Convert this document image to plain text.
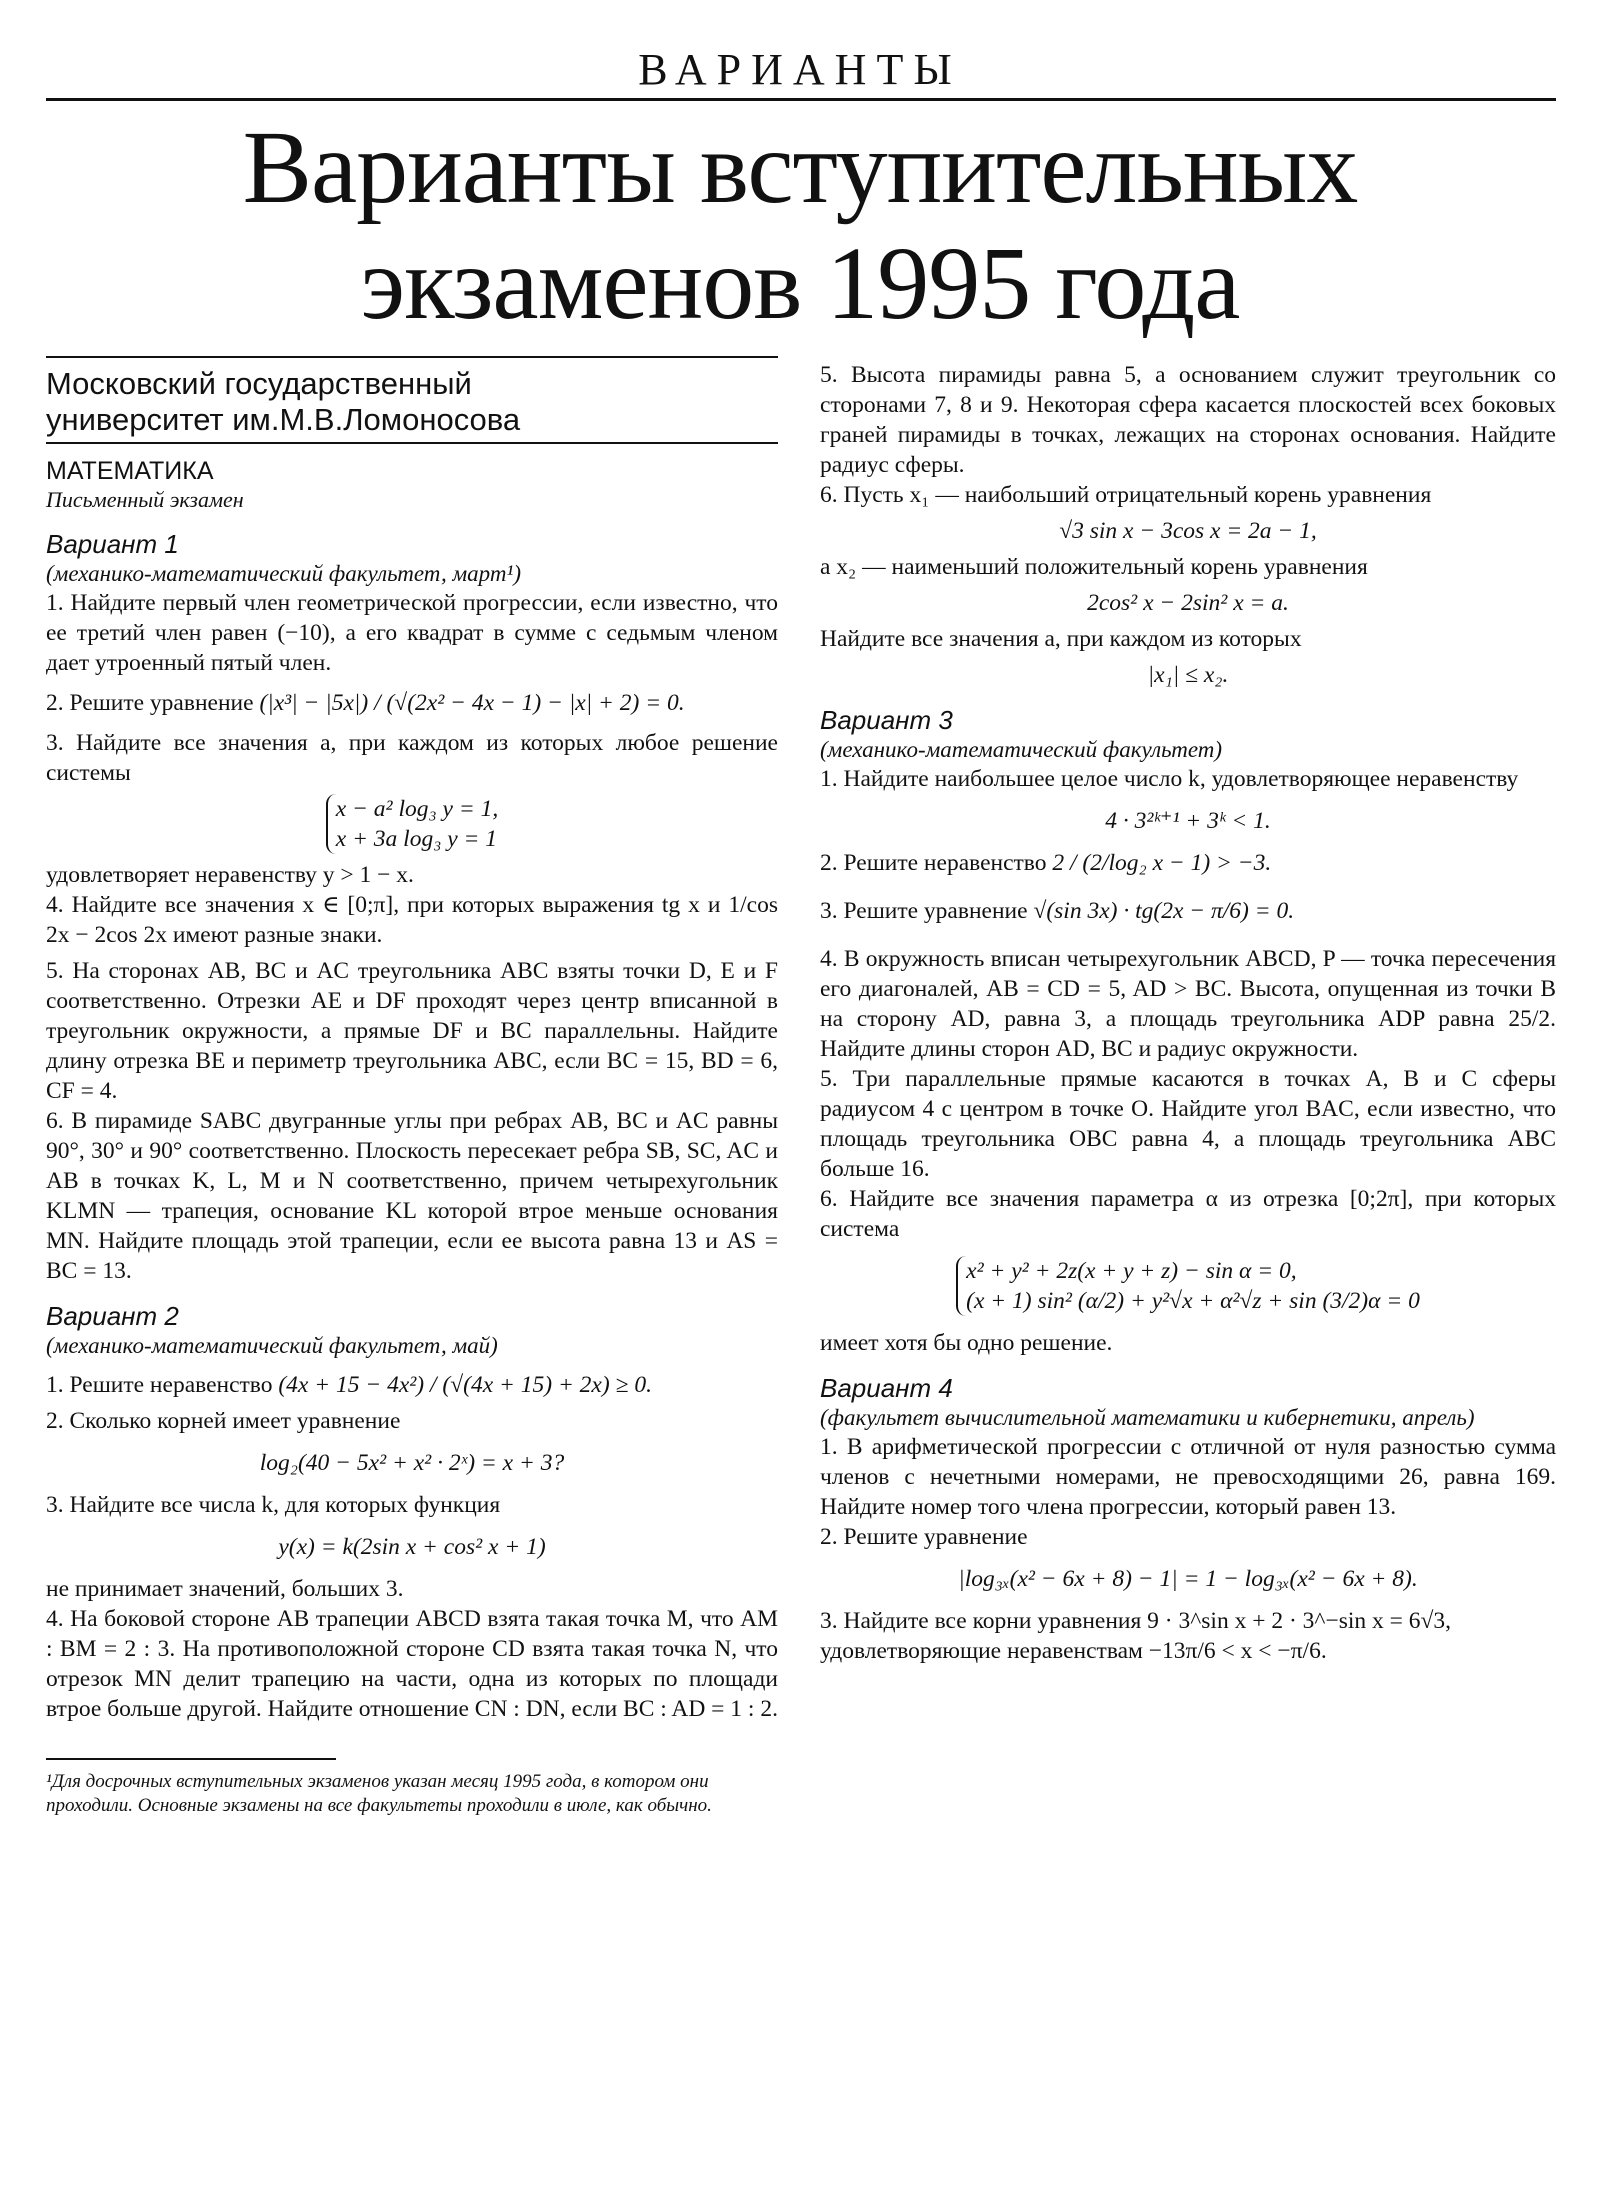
ВАРИАНТЫ
Варианты вступительных
экзаменов 1995 года
Московский государственный
университет им.М.В.Ломоносова
МАТЕМАТИКА
Письменный экзамен
Вариант 1
(механико-математический факультет, март¹)
1. Найдите первый член геометрической прогрессии, если известно, что ее третий член равен (−10), а его квадрат в сумме с седьмым членом дает утроенный пятый член.
2. Решите уравнение (|x³| − |5x|) / (√(2x² − 4x − 1) − |x| + 2) = 0.
3. Найдите все значения a, при каждом из которых любое решение системы
x − a² log₃ y = 1,
x + 3a log₃ y = 1
удовлетворяет неравенству y > 1 − x.
4. Найдите все значения x ∈ [0;π], при которых выражения tg x и 1/cos 2x − 2cos 2x имеют разные знаки.
5. На сторонах AB, BC и AC треугольника ABC взяты точки D, E и F соответственно. Отрезки AE и DF проходят через центр вписанной в треугольник окружности, а прямые DF и BC параллельны. Найдите длину отрезка BE и периметр треугольника ABC, если BC = 15, BD = 6, CF = 4.
6. В пирамиде SABC двугранные углы при ребрах AB, BC и AC равны 90°, 30° и 90° соответственно. Плоскость пересекает ребра SB, SC, AC и AB в точках K, L, M и N соответственно, причем четырехугольник KLMN — трапеция, основание KL которой втрое меньше основания MN. Найдите площадь этой трапеции, если ее высота равна 13 и AS = BC = 13.
Вариант 2
(механико-математический факультет, май)
1. Решите неравенство (4x + 15 − 4x²) / (√(4x + 15) + 2x) ≥ 0.
2. Сколько корней имеет уравнение
log₂(40 − 5x² + x² · 2ˣ) = x + 3?
3. Найдите все числа k, для которых функция
y(x) = k(2sin x + cos² x + 1)
не принимает значений, больших 3.
4. На боковой стороне AB трапеции ABCD взята такая точка M, что AM : BM = 2 : 3. На противоположной стороне CD взята такая точка N, что отрезок MN делит трапецию на части, одна из которых по площади втрое больше другой. Найдите отношение CN : DN, если BC : AD = 1 : 2.
¹Для досрочных вступительных экзаменов указан месяц 1995 года, в котором они проходили. Основные экзамены на все факультеты проходили в июле, как обычно.
5. Высота пирамиды равна 5, а основанием служит треугольник со сторонами 7, 8 и 9. Некоторая сфера касается плоскостей всех боковых граней пирамиды в точках, лежащих на сторонах основания. Найдите радиус сферы.
6. Пусть x₁ — наибольший отрицательный корень уравнения
√3 sin x − 3cos x = 2a − 1,
а x₂ — наименьший положительный корень уравнения
2cos² x − 2sin² x = a.
Найдите все значения a, при каждом из которых
|x₁| ≤ x₂.
Вариант 3
(механико-математический факультет)
1. Найдите наибольшее целое число k, удовлетворяющее неравенству
4 · 3²ᵏ⁺¹ + 3ᵏ < 1.
2. Решите неравенство 2 / (2/log₂ x − 1) > −3.
3. Решите уравнение √(sin 3x) · tg(2x − π/6) = 0.
4. В окружность вписан четырехугольник ABCD, P — точка пересечения его диагоналей, AB = CD = 5, AD > BC. Высота, опущенная из точки B на сторону AD, равна 3, а площадь треугольника ADP равна 25/2. Найдите длины сторон AD, BC и радиус окружности.
5. Три параллельные прямые касаются в точках A, B и C сферы радиусом 4 с центром в точке O. Найдите угол BAC, если известно, что площадь треугольника OBC равна 4, а площадь треугольника ABC больше 16.
6. Найдите все значения параметра α из отрезка [0;2π], при которых система
x² + y² + 2z(x + y + z) − sin α = 0,
(x + 1) sin² (α/2) + y²√x + α²√z + sin (3/2)α = 0
имеет хотя бы одно решение.
Вариант 4
(факультет вычислительной математики и кибернетики, апрель)
1. В арифметической прогрессии с отличной от нуля разностью сумма членов с нечетными номерами, не превосходящими 26, равна 169. Найдите номер того члена прогрессии, который равен 13.
2. Решите уравнение
|log₃ₓ(x² − 6x + 8) − 1| = 1 − log₃ₓ(x² − 6x + 8).
3. Найдите все корни уравнения 9 · 3^sin x + 2 · 3^−sin x = 6√3,
удовлетворяющие неравенствам −13π/6 < x < −π/6.
